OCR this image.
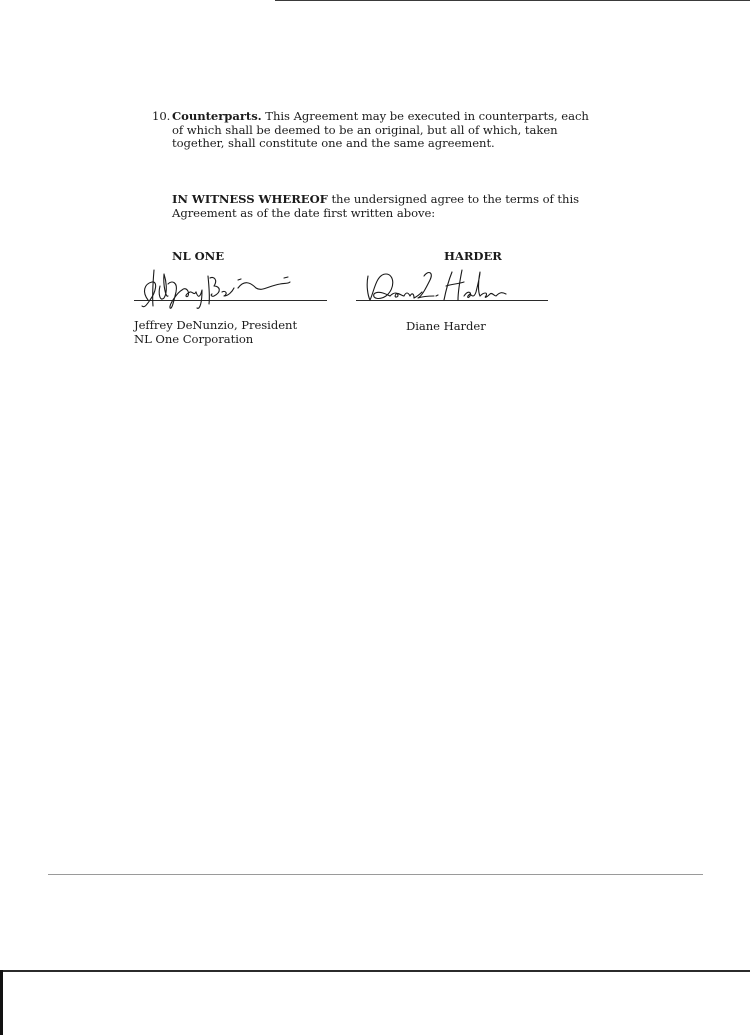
10. Counterparts. This Agreement may be executed in counterparts, each of which shall be deemed to be an original, but all of which, taken together, shall constitute one and the same agreement.
IN WITNESS WHEREOF the undersigned agree to the terms of this Agreement as of the date first written above:
NL ONE	HARDER
Jeffrey DeNunzio, President
NL One Corporation
Diane Harder
